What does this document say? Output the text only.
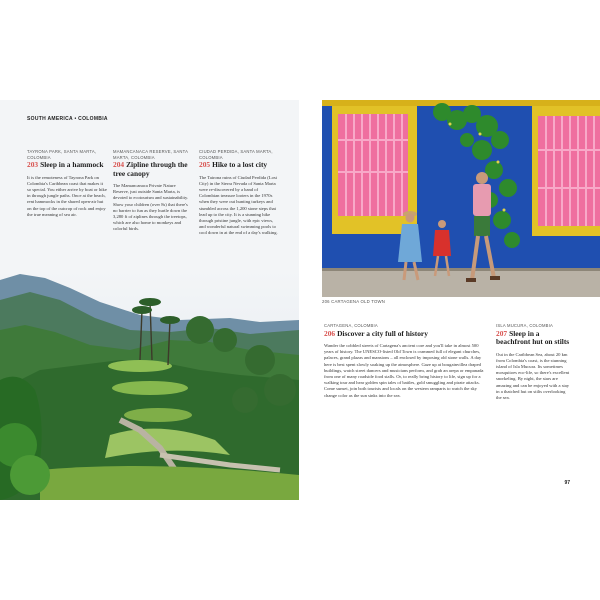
SOUTH AMERICA • COLOMBIA
TAYRONA PARK, SANTA MARTA, COLOMBIA
203 Sleep in a hammock
It is the remoteness of Tayrona Park on Colombia's Caribbean coast that makes it so special. You either arrive by boat or hike in through jungle paths. Once at the beach, rent hammocks in the shared open-air hut on the top of the outcrop of rock and enjoy the true meaning of sea air.
MAMANCANACA RESERVE, SANTA MARTA, COLOMBIA
204 Zipline through the tree canopy
The Mamancanaca Private Nature Reserve, just outside Santa Marta, is devoted to ecotourism and sustainability. Show your children (over 8s) that there's no barrier to fun as they hurtle down the 3,280 ft of ziplines through the treetops, which are also home to monkeys and colorful birds.
CIUDAD PERDIDA, SANTA MARTA, COLOMBIA
205 Hike to a lost city
The Tairona ruins of Ciudad Perdida (Lost City) in the Sierra Nevada of Santa Marta were re-discovered by a band of Colombian treasure looters in the 1970s when they were out hunting turkeys and stumbled across the 1,200 stone steps that lead up to the city. It is a stunning hike through pristine jungle, with epic views, and wonderful natural swimming pools to cool down in at the end of a day's walking.
206 CARTAGENA OLD TOWN
CARTAGENA, COLOMBIA
206 Discover a city full of history
Wander the cobbled streets of Cartagena's ancient core and you'll take in almost 500 years of history. The UNESCO-listed Old Town is crammed full of elegant churches, palaces, grand plazas and mansions – all enclosed by imposing old stone walls. A day here is best spent slowly soaking up the atmosphere. Gaze up at bougainvillea draped buildings, watch street dancers and musicians perform, and grab an arepa or empanada from one of many roadside food stalls. Or, to really bring history to life, sign up for a walking tour and hear golden spin tales of battles, gold smuggling and pirate attacks. Come sunset, join both tourists and locals on the western ramparts to watch the sky change color as the sun sinks into the sea.
ISLA MUCURA, COLOMBIA
207 Sleep in a beachfront hut on stilts
Out in the Caribbean Sea, about 20 km from Colombia's coast, is the stunning island of Isla Mucura. Its sometimes mosquitoes eco-life, so there's excellent snorkeling. By night, the stars are amazing and can be enjoyed with a stay in a thatched hut on stilts overlooking the sea.
97
